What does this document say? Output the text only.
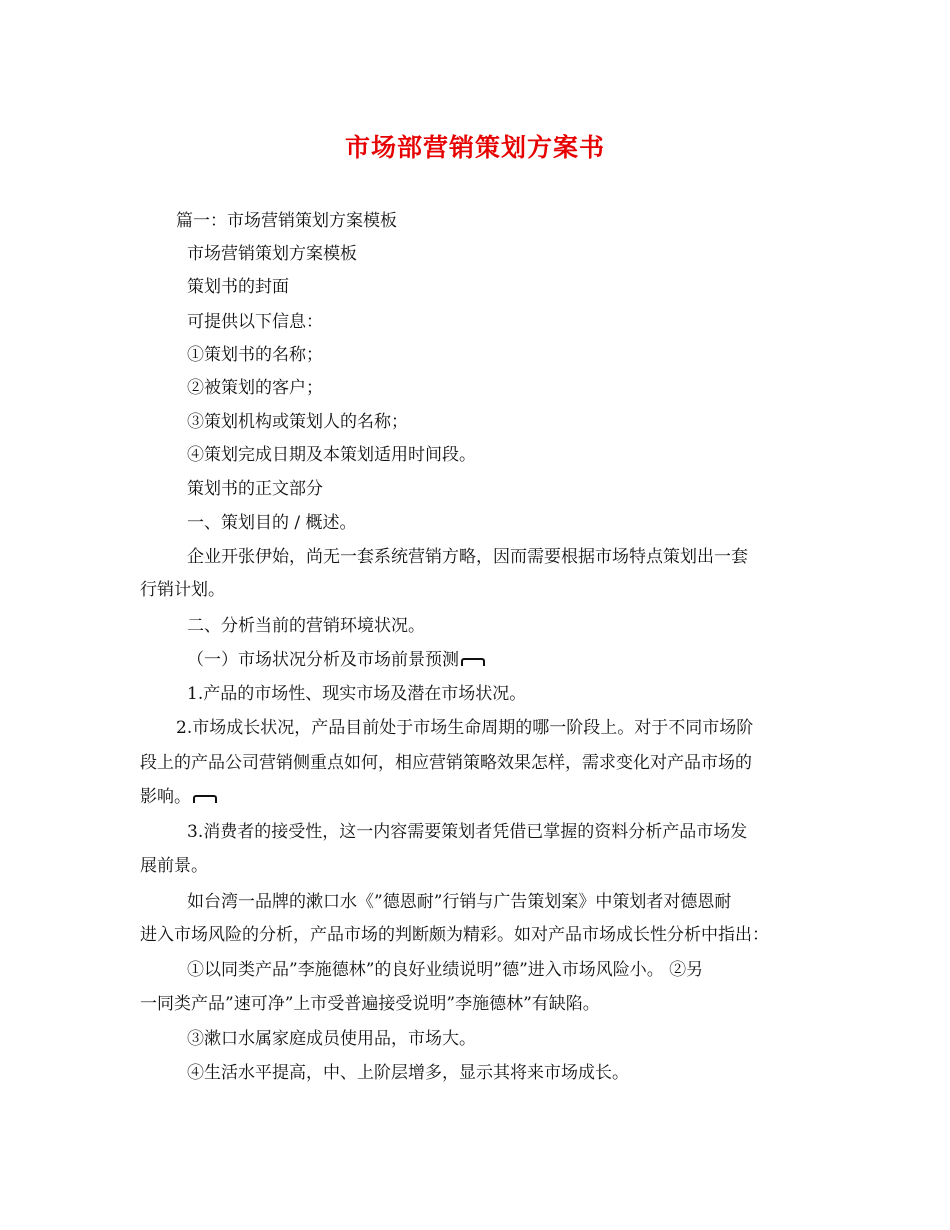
市场部营销策划方案书
篇一：市场营销策划方案模板
市场营销策划方案模板
策划书的封面
可提供以下信息：
①策划书的名称；
②被策划的客户；
③策划机构或策划人的名称；
④策划完成日期及本策划适用时间段。
策划书的正文部分
一、策划目的 / 概述。
企业开张伊始，尚无一套系统营销方略，因而需要根据市场特点策划出一套
行销计划。
二、分析当前的营销环境状况。
（一）市场状况分析及市场前景预测
1.产品的市场性、现实市场及潜在市场状况。
2.市场成长状况，产品目前处于市场生命周期的哪一阶段上。对于不同市场阶
段上的产品公司营销侧重点如何，相应营销策略效果怎样，需求变化对产品市场的
影响。
3.消费者的接受性，这一内容需要策划者凭借已掌握的资料分析产品市场发
展前景。
如台湾一品牌的漱口水《”德恩耐”行销与广告策划案》中策划者对德恩耐
进入市场风险的分析，产品市场的判断颇为精彩。如对产品市场成长性分析中指出：
①以同类产品”李施德林”的良好业绩说明”德”进入市场风险小。 ②另
一同类产品”速可净”上市受普遍接受说明”李施德林”有缺陷。
③漱口水属家庭成员使用品，市场大。
④生活水平提高，中、上阶层增多，显示其将来市场成长。
